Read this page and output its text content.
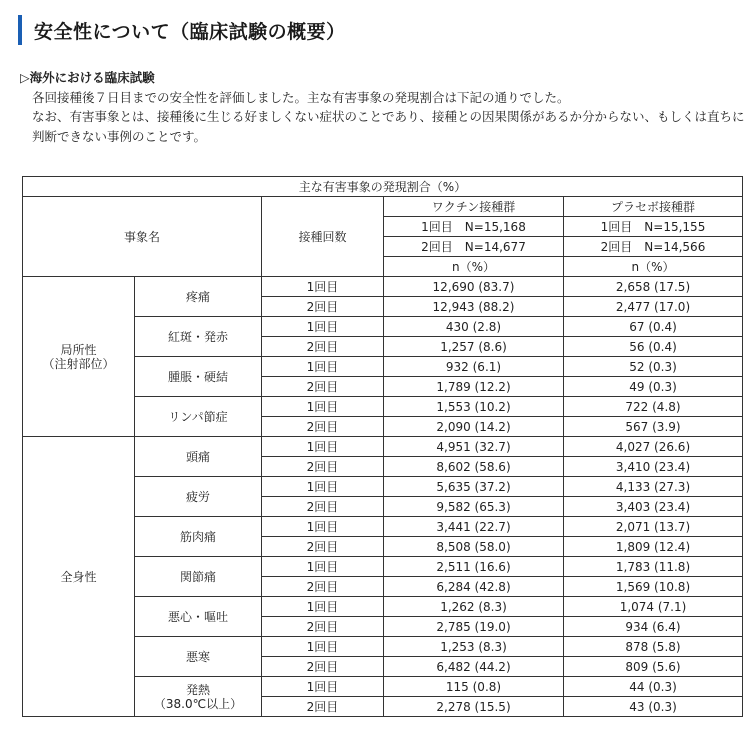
安全性について（臨床試験の概要）

▷海外における臨床試験

各回接種後７日目までの安全性を評価しました。主な有害事象の発現割合は下記の通りでした。

なお、有害事象とは、接種後に生じる好ましくない症状のことであり、接種との因果関係があるか分からない、もしくは直ちに判断できない事例のことです。

主な有害事象の発現割合（%）				
事象名		接種回数	ワクチン接種群	プラセボ接種群
			1回目　N=15,168	1回目　N=15,155
			2回目　N=14,677	2回目　N=14,566
			n（%）	n（%）

局所性
（注射部位）	疼痛	1回目	12,690 (83.7)	2,658 (17.5)
		2回目	12,943 (88.2)	2,477 (17.0)

	紅斑・発赤	1回目	430 (2.8)	67 (0.4)
		2回目	1,257 (8.6)	56 (0.4)

	腫脹・硬結	1回目	932 (6.1)	52 (0.3)
		2回目	1,789 (12.2)	49 (0.3)

	リンパ節症	1回目	1,553 (10.2)	722 (4.8)
		2回目	2,090 (14.2)	567 (3.9)

全身性	頭痛	1回目	4,951 (32.7)	4,027 (26.6)
		2回目	8,602 (58.6)	3,410 (23.4)

	疲労	1回目	5,635 (37.2)	4,133 (27.3)
		2回目	9,582 (65.3)	3,403 (23.4)

	筋肉痛	1回目	3,441 (22.7)	2,071 (13.7)
		2回目	8,508 (58.0)	1,809 (12.4)

	関節痛	1回目	2,511 (16.6)	1,783 (11.8)
		2回目	6,284 (42.8)	1,569 (10.8)

	悪心・嘔吐	1回目	1,262 (8.3)	1,074 (7.1)
		2回目	2,785 (19.0)	934 (6.4)

	悪寒	1回目	1,253 (8.3)	878 (5.8)
		2回目	6,482 (44.2)	809 (5.6)

	発熱
（38.0℃以上）	1回目	115 (0.8)	44 (0.3)
		2回目	2,278 (15.5)	43 (0.3)
